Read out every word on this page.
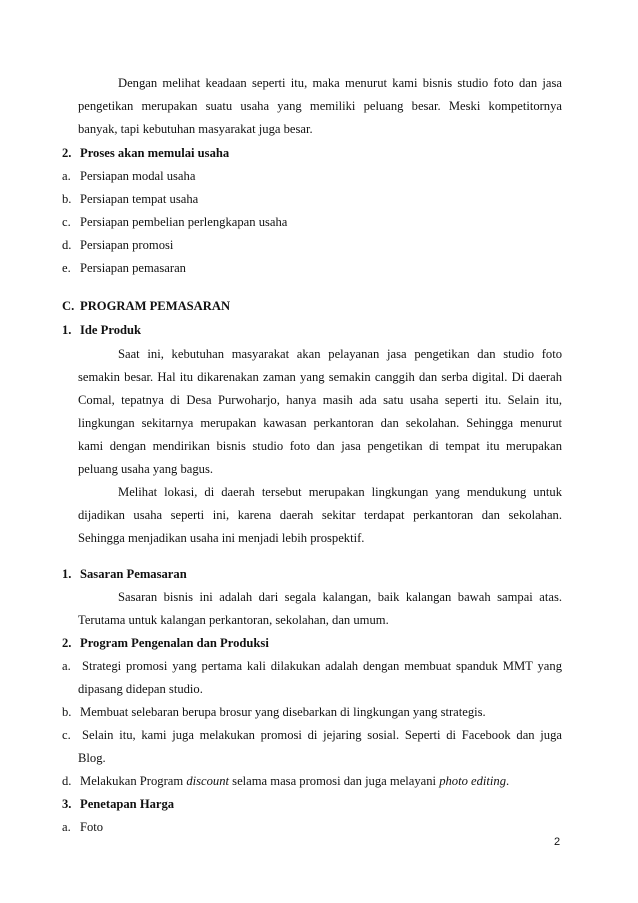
Dengan melihat keadaan seperti itu, maka menurut kami bisnis studio foto dan jasa
pengetikan merupakan suatu usaha yang memiliki peluang besar. Meski kompetitornya
banyak, tapi kebutuhan masyarakat juga besar.
2. Proses akan memulai usaha
a. Persiapan modal usaha
b. Persiapan tempat usaha
c. Persiapan pembelian perlengkapan usaha
d. Persiapan promosi
e. Persiapan pemasaran
C. PROGRAM PEMASARAN
1. Ide Produk
Saat ini, kebutuhan masyarakat akan pelayanan jasa pengetikan dan studio foto
semakin besar. Hal itu dikarenakan zaman yang semakin canggih dan serba digital. Di daerah
Comal, tepatnya di Desa Purwoharjo, hanya masih ada satu usaha seperti itu. Selain itu,
lingkungan sekitarnya merupakan kawasan perkantoran dan sekolahan. Sehingga menurut
kami dengan mendirikan bisnis studio foto dan jasa pengetikan di tempat itu merupakan
peluang usaha yang bagus.
Melihat lokasi, di daerah tersebut merupakan lingkungan yang mendukung untuk
dijadikan usaha seperti ini, karena daerah sekitar terdapat perkantoran dan sekolahan.
Sehingga menjadikan usaha ini menjadi lebih prospektif.
1. Sasaran Pemasaran
Sasaran bisnis ini adalah dari segala kalangan, baik kalangan bawah sampai atas.
Terutama untuk kalangan perkantoran, sekolahan, dan umum.
2. Program Pengenalan dan Produksi
a. Strategi promosi yang pertama kali dilakukan adalah dengan membuat spanduk MMT yang
dipasang didepan studio.
b. Membuat selebaran berupa brosur yang disebarkan di lingkungan yang strategis.
c. Selain itu, kami juga melakukan promosi di jejaring sosial. Seperti di Facebook dan juga
Blog.
d. Melakukan Program discount selama masa promosi dan juga melayani photo editing.
3. Penetapan Harga
a. Foto
2
